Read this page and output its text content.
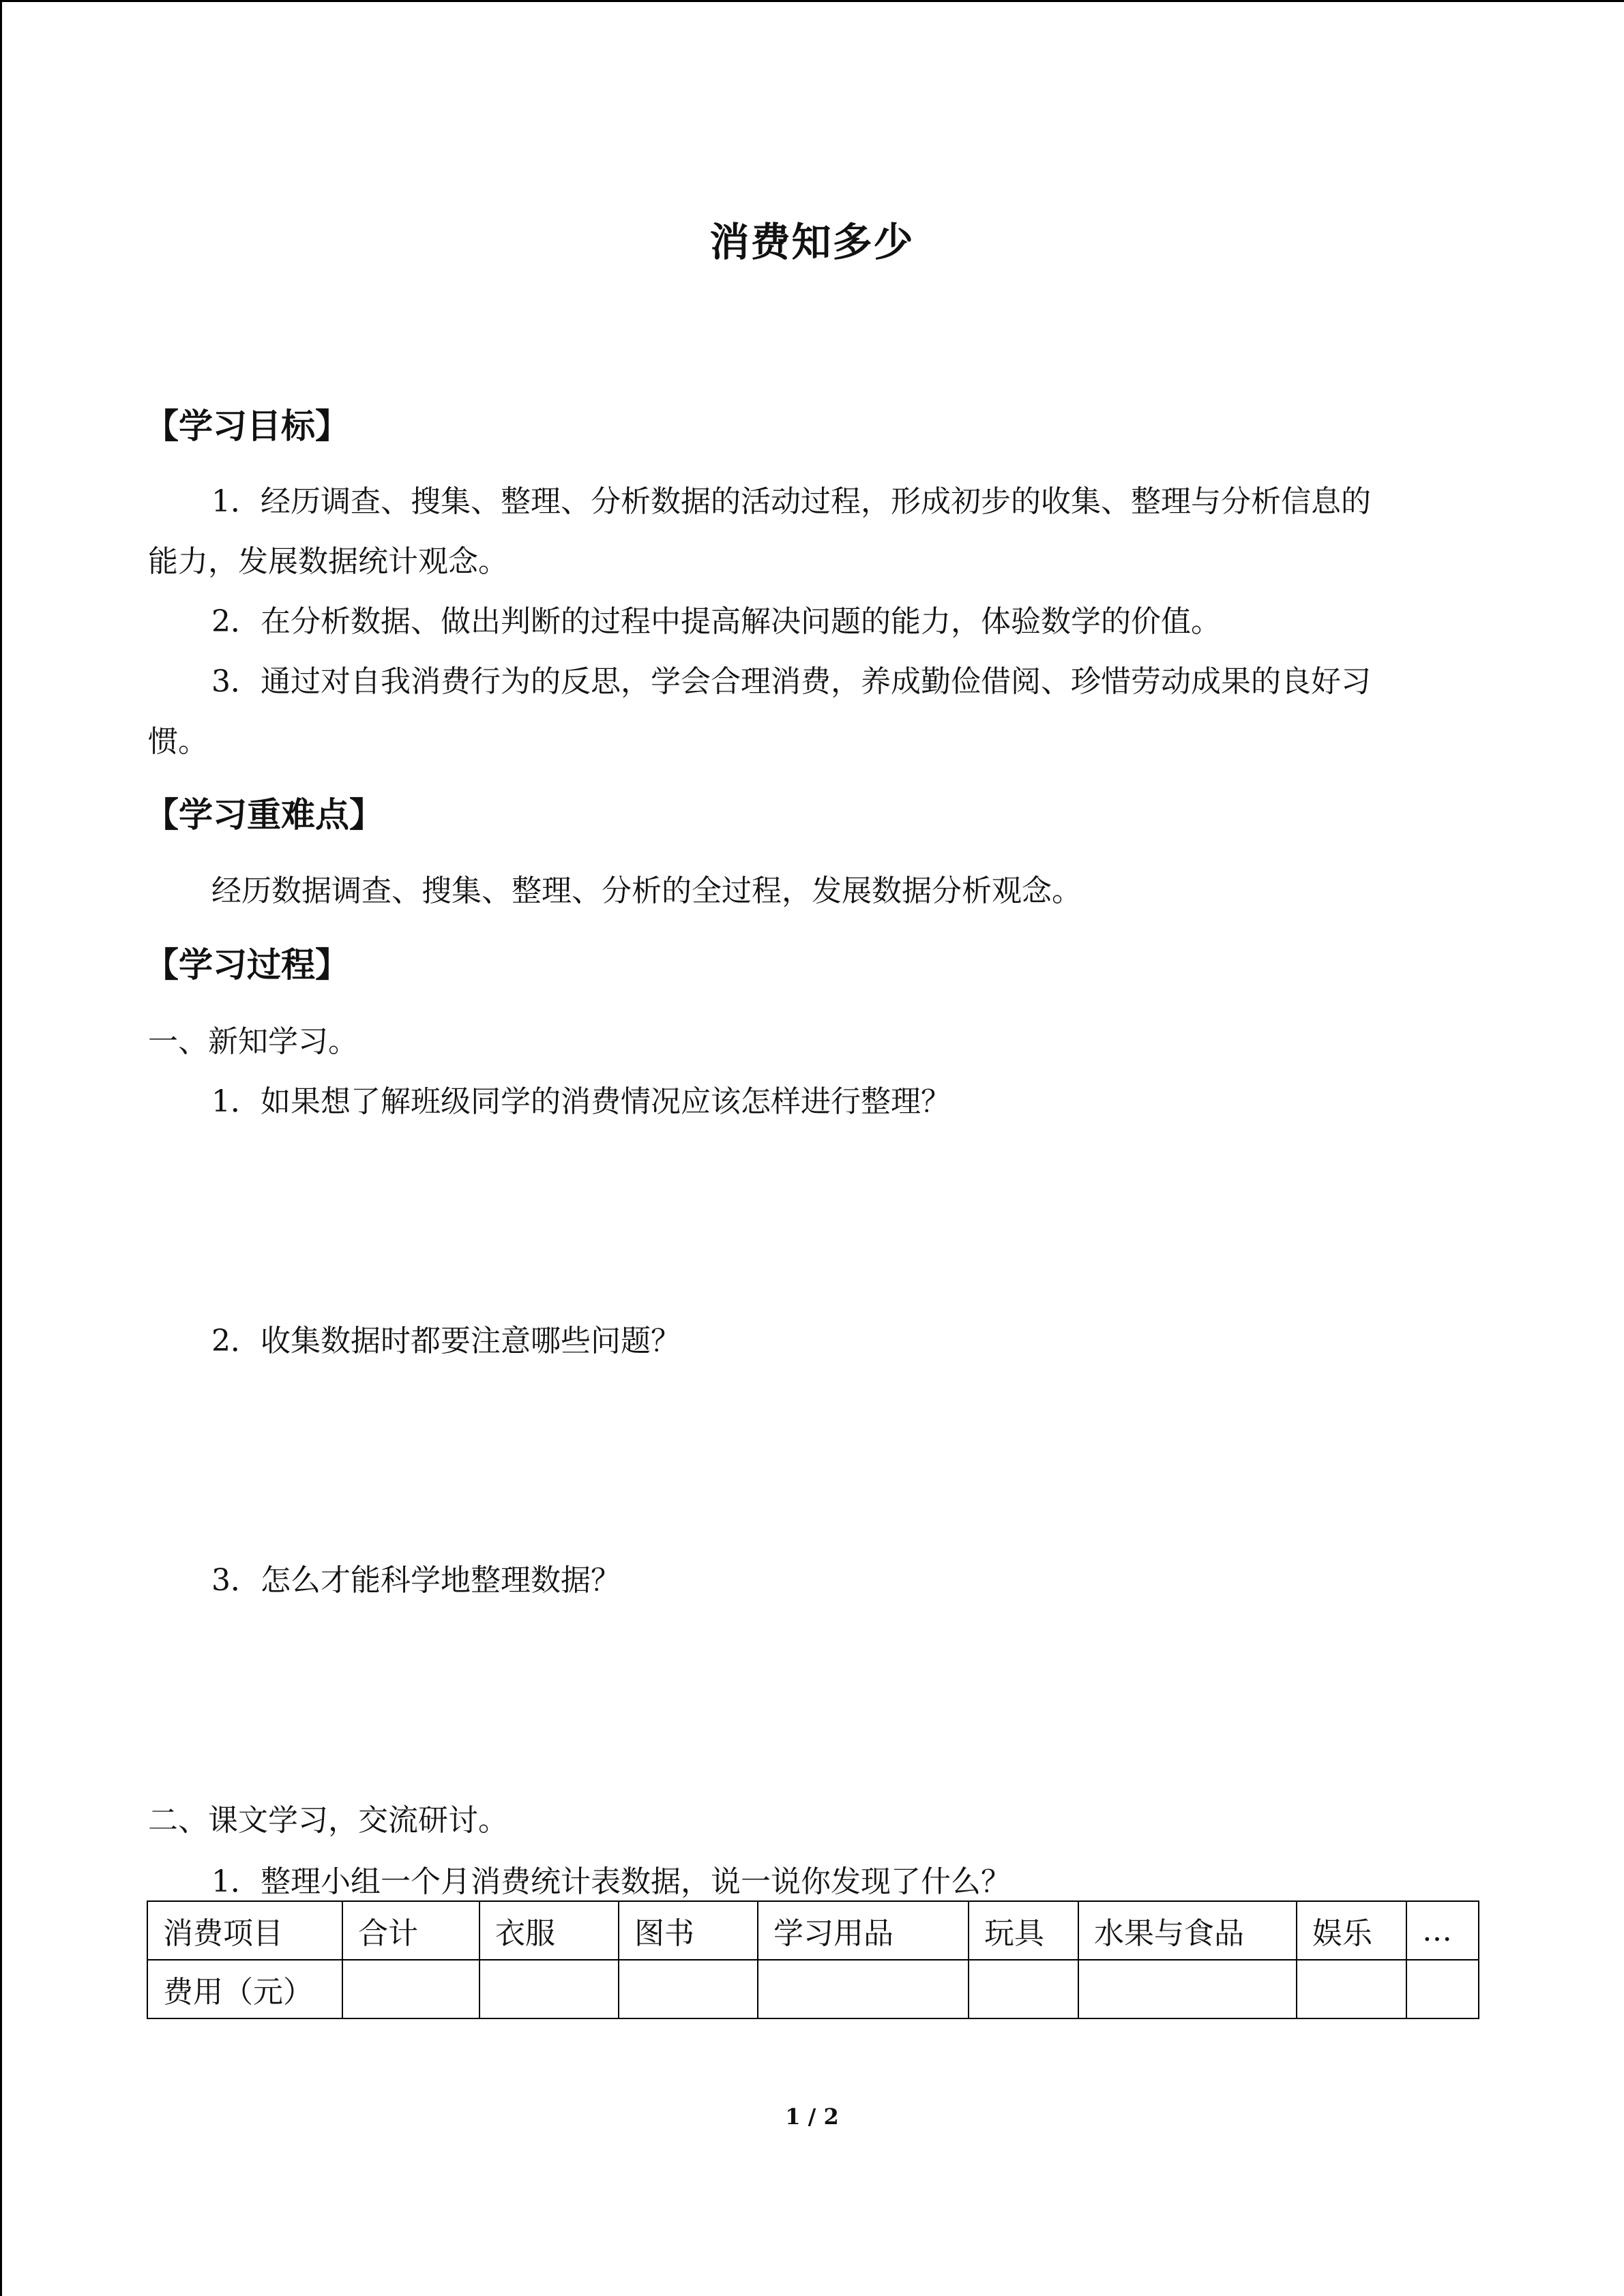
消费知多少
【学习目标】
1．经历调查、搜集、整理、分析数据的活动过程，形成初步的收集、整理与分析信息的
能力，发展数据统计观念。
2．在分析数据、做出判断的过程中提高解决问题的能力，体验数学的价值。
3．通过对自我消费行为的反思，学会合理消费，养成勤俭借阅、珍惜劳动成果的良好习
惯。
【学习重难点】
经历数据调查、搜集、整理、分析的全过程，发展数据分析观念。
【学习过程】
一、新知学习。
1．如果想了解班级同学的消费情况应该怎样进行整理？
2．收集数据时都要注意哪些问题？
3．怎么才能科学地整理数据？
二、课文学习，交流研讨。
1．整理小组一个月消费统计表数据，说一说你发现了什么？
消费项目	合计	衣服	图书	学习用品	玩具	水果与食品	娱乐	…
费用（元）								
1 / 2
